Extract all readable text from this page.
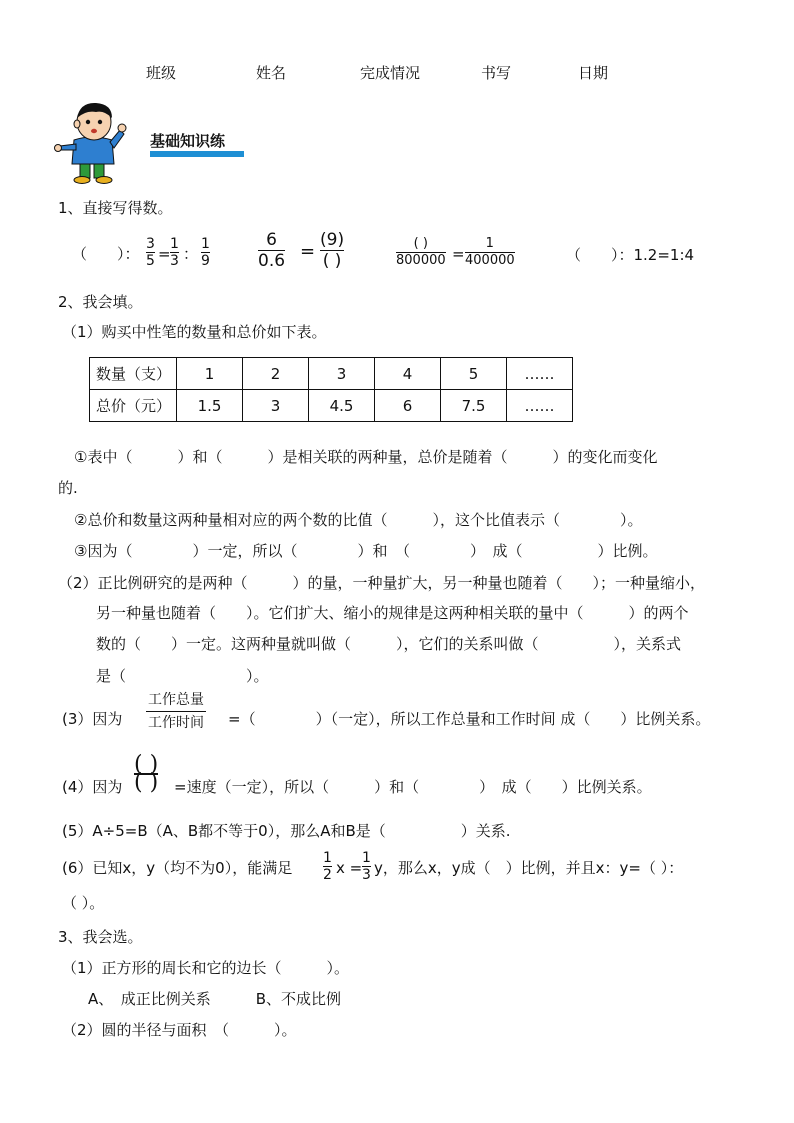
班级	姓名	完成情况	书写	日期
基础知识练
1、直接写得数。
（　　）：
3
5 =
1
3 ：
1
9
6
0.6 =
(9)
( )
( )
800000 =
1
400000	（　　）：1.2=1:4
2、我会填。
（1）购买中性笔的数量和总价如下表。
数量（支）	1	2	3	4	5	……
总价（元）	1.5	3	4.5	6	7.5	……
①表中（　　　）和（　　　）是相关联的两种量，总价是随着（　　　）的变化而变化
的.
②总价和数量这两种量相对应的两个数的比值（　　　），这个比值表示（　　　　）。
③因为（　　　　）一定，所以（　　　　）和　（　　　　）　成（　　　　　）比例。
（2）正比例研究的是两种（　　　）的量，一种量扩大，另一种量也随着（　　）；一种量缩小，
另一种量也随着（　　）。它们扩大、缩小的规律是这两种相关联的量中（　　　）的两个
数的（　　）一定。这两种量就叫做（　　　），它们的关系叫做（　　　　　），关系式
是（　　　　　　　　）。
(3）因为
工作总量
工作时间 =（　　　　）（一定），所以工作总量和工作时间 成（　　）比例关系。
(4）因为
( )
( ) =速度（一定），所以（　　　）和（　　　　）　成（　　）比例关系。
(5）A÷5=B（A、B都不等于0），那么A和B是（　　　　　）关系.
(6）已知x，y（均不为0），能满足
1
2 x =
1
3 y，那么x，y成（　）比例，并且x：y=（ ）：
（ ）。
3、我会选。
（1）正方形的周长和它的边长（　　　）。
A、　成正比例关系　　　B、不成比例
（2）圆的半径与面积　（　　　）。
